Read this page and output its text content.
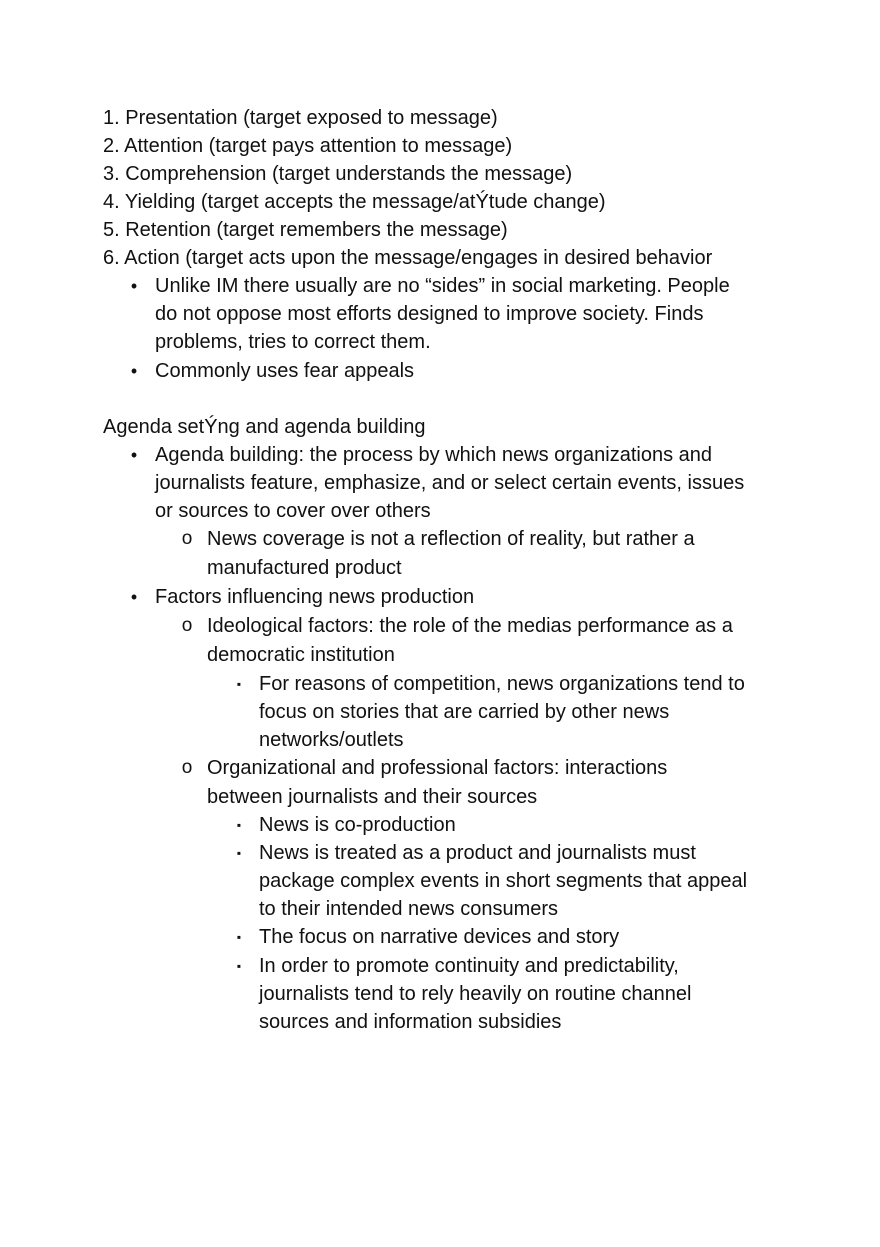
1. Presentation (target exposed to message)
2. Attention (target pays attention to message)
3. Comprehension (target understands the message)
4. Yielding (target accepts the message/atÝtude change)
5. Retention (target remembers the message)
6. Action (target acts upon the message/engages in desired behavior
• Unlike IM there usually are no “sides” in social marketing. People
do not oppose most efforts designed to improve society. Finds
problems, tries to correct them.
• Commonly uses fear appeals
Agenda setÝng and agenda building
• Agenda building: the process by which news organizations and
journalists feature, emphasize, and or select certain events, issues
or sources to cover over others
o News coverage is not a reflection of reality, but rather a
manufactured product
• Factors influencing news production
o Ideological factors: the role of the medias performance as a
democratic institution
▪ For reasons of competition, news organizations tend to
focus on stories that are carried by other news
networks/outlets
o Organizational and professional factors: interactions
between journalists and their sources
▪ News is co-production
▪ News is treated as a product and journalists must
package complex events in short segments that appeal
to their intended news consumers
▪ The focus on narrative devices and story
▪ In order to promote continuity and predictability,
journalists tend to rely heavily on routine channel
sources and information subsidies
